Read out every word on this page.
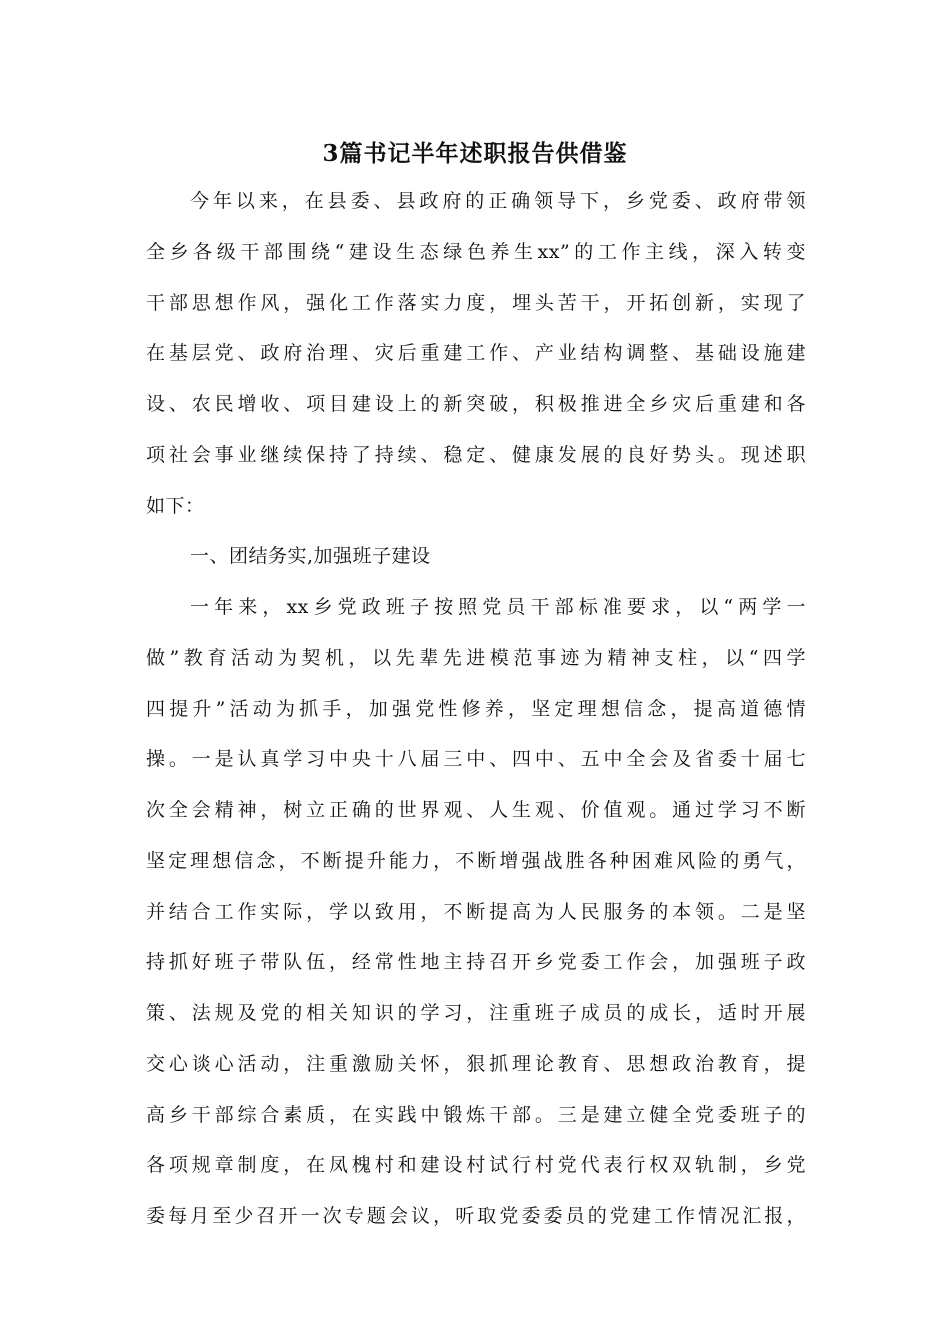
3篇书记半年述职报告供借鉴
今年以来，在县委、县政府的正确领导下，乡党委、政府带领
全乡各级干部围绕“建设生态绿色养生xx”的工作主线，深入转变
干部思想作风，强化工作落实力度，埋头苦干，开拓创新，实现了
在基层党、政府治理、灾后重建工作、产业结构调整、基础设施建
设、农民增收、项目建设上的新突破，积极推进全乡灾后重建和各
项社会事业继续保持了持续、稳定、健康发展的良好势头。现述职
如下：
一、团结务实,加强班子建设
一年来，xx乡党政班子按照党员干部标准要求，以“两学一
做”教育活动为契机，以先辈先进模范事迹为精神支柱，以“四学
四提升”活动为抓手，加强党性修养，坚定理想信念，提高道德情
操。一是认真学习中央十八届三中、四中、五中全会及省委十届七
次全会精神，树立正确的世界观、人生观、价值观。通过学习不断
坚定理想信念，不断提升能力，不断增强战胜各种困难风险的勇气，
并结合工作实际，学以致用，不断提高为人民服务的本领。二是坚
持抓好班子带队伍，经常性地主持召开乡党委工作会，加强班子政
策、法规及党的相关知识的学习，注重班子成员的成长，适时开展
交心谈心活动，注重激励关怀，狠抓理论教育、思想政治教育，提
高乡干部综合素质，在实践中锻炼干部。三是建立健全党委班子的
各项规章制度，在凤槐村和建设村试行村党代表行权双轨制，乡党
委每月至少召开一次专题会议，听取党委委员的党建工作情况汇报，
